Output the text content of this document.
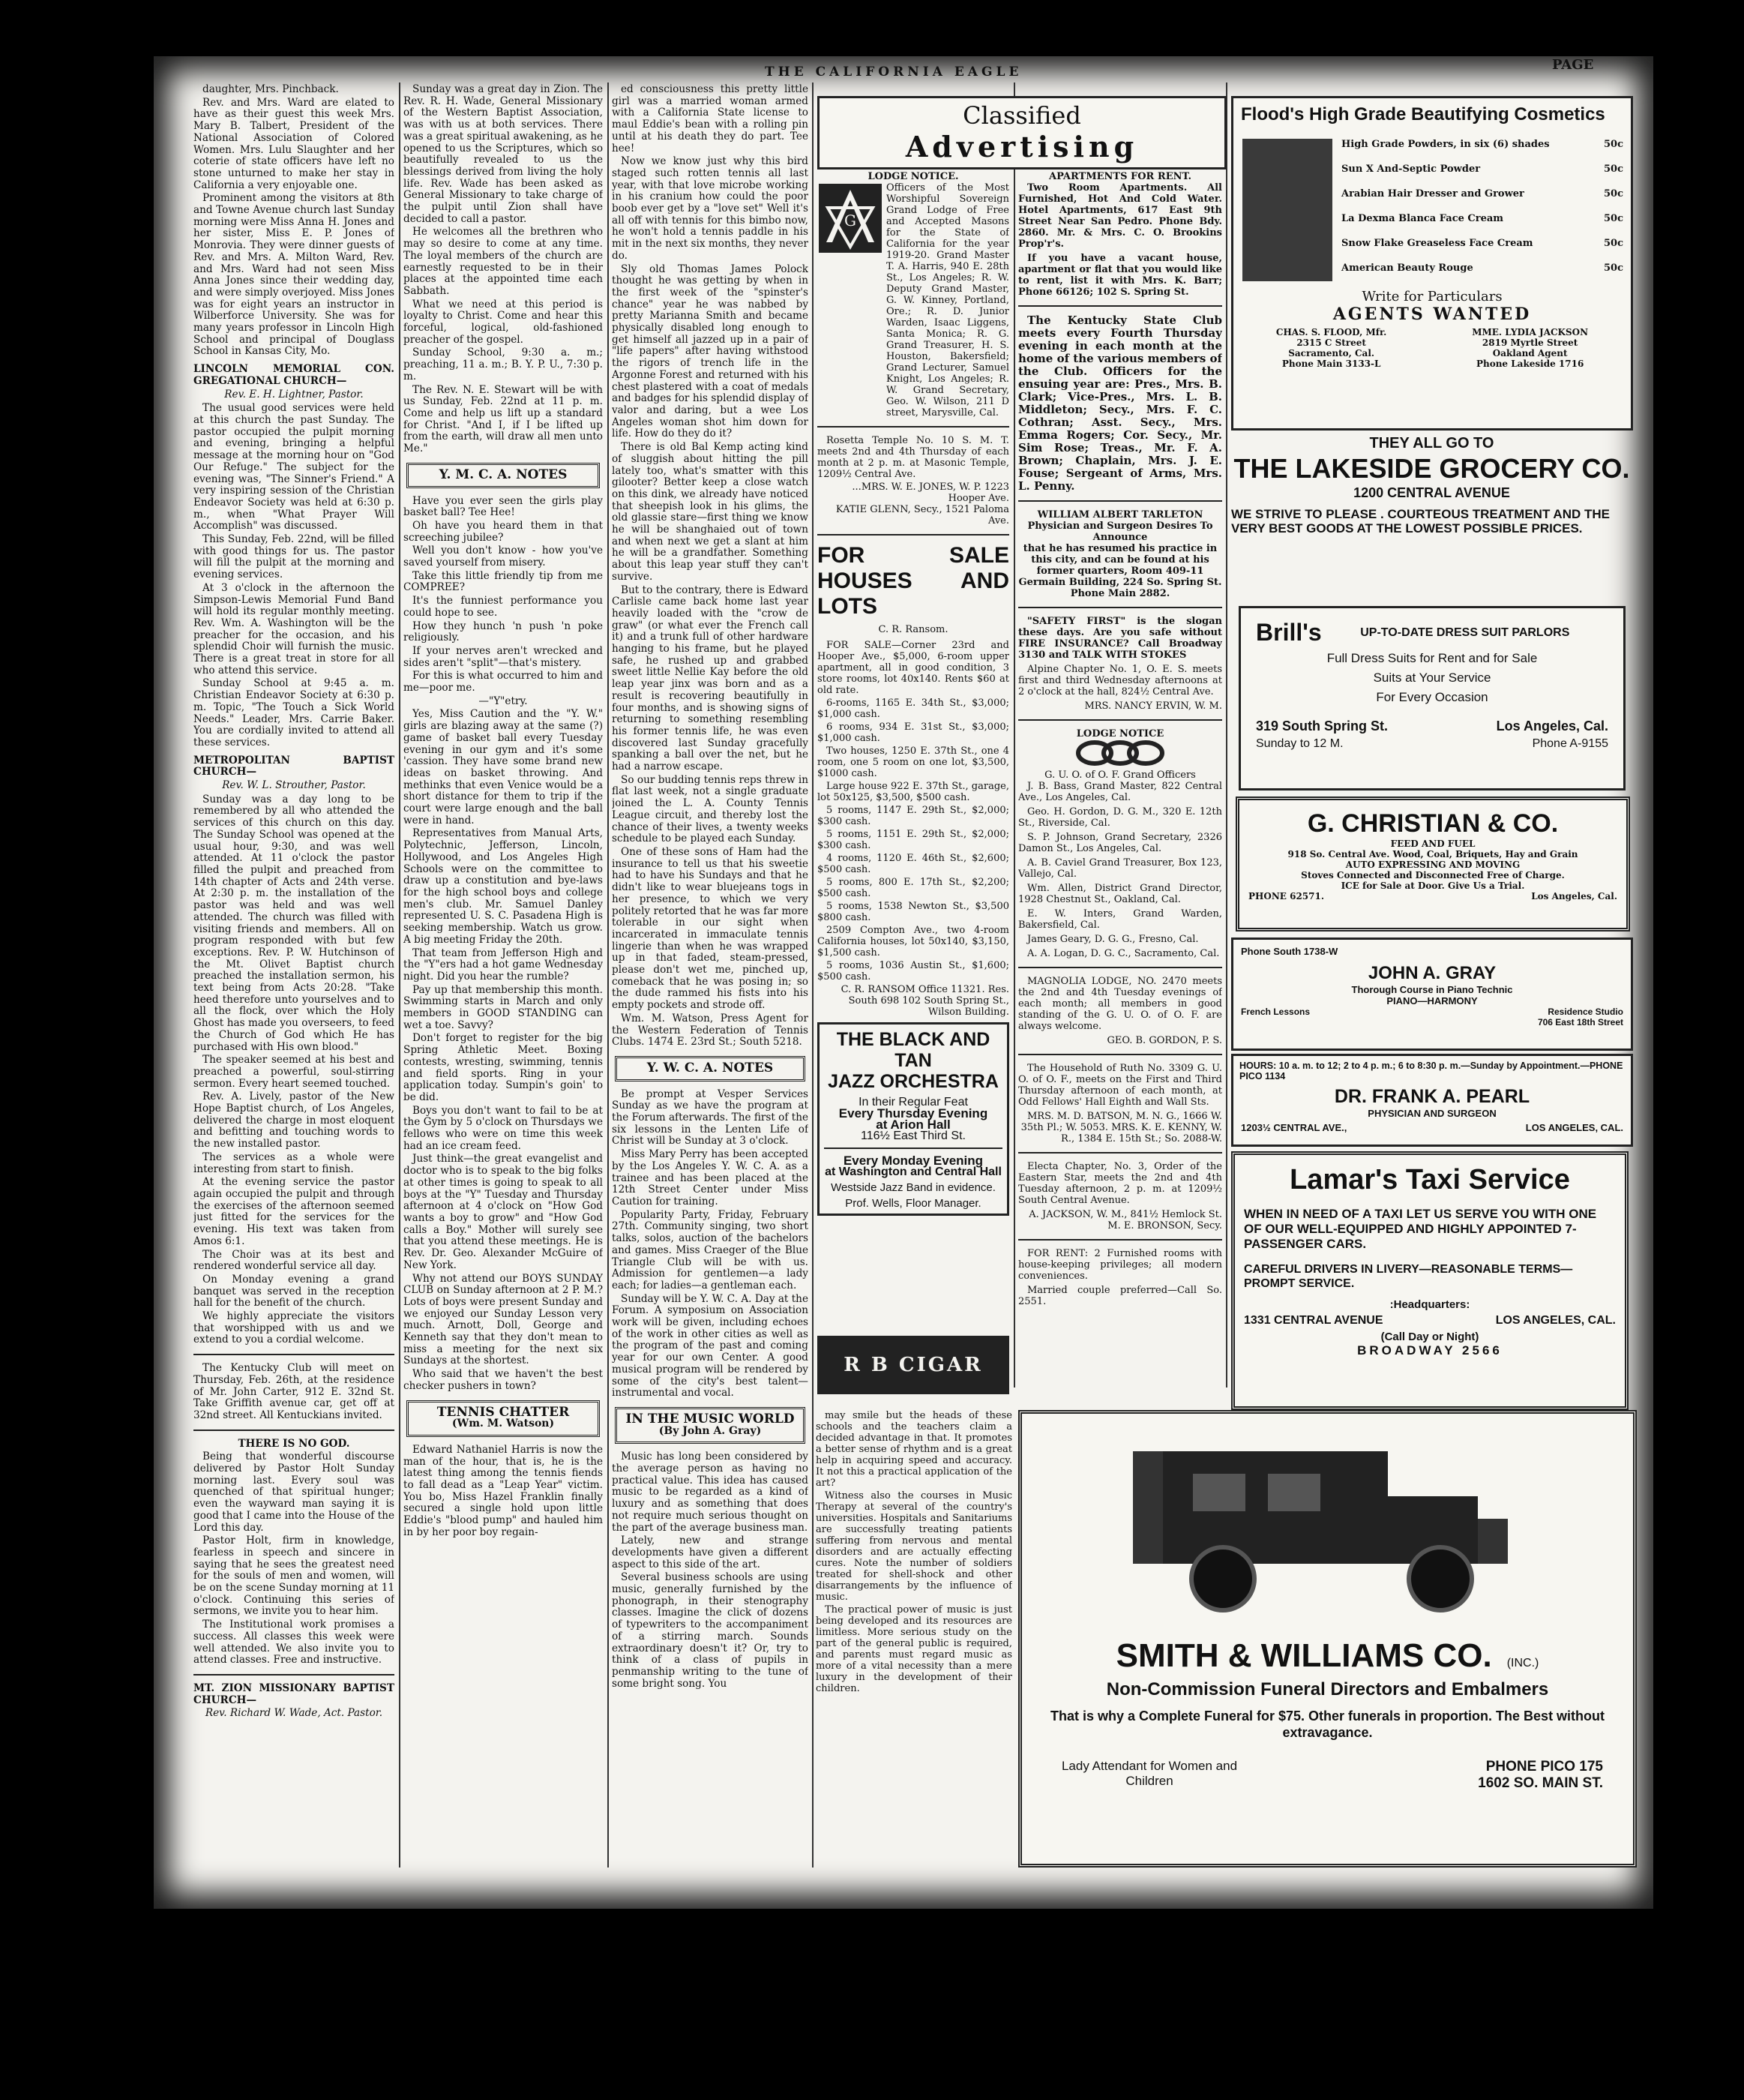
THE CALIFORNIA EAGLE	PAGE

daughter, Mrs. Pinchback.

Rev. and Mrs. Ward are elated to have as their guest this week Mrs. Mary B. Talbert, President of the National Association of Colored Women. Mrs. Lulu Slaughter and her coterie of state officers have left no stone unturned to make her stay in California a very enjoyable one.

Prominent among the visitors at 8th and Towne Avenue church last Sunday morning were Miss Anna H. Jones and her sister, Miss E. P. Jones of Monrovia. They were dinner guests of Rev. and Mrs. A. Milton Ward, Rev. and Mrs. Ward had not seen Miss Anna Jones since their wedding day, and were simply overjoyed. Miss Jones was for eight years an instructor in Wilberforce University. She was for many years professor in Lincoln High School and principal of Douglass School in Kansas City, Mo.

LINCOLN MEMORIAL CON. GREGATIONAL CHURCH—
Rev. E. H. Lightner, Pastor.

The usual good services were held at this church the past Sunday. The pastor occupied the pulpit morning and evening, bringing a helpful message at the morning hour on "God Our Refuge." The subject for the evening was, "The Sinner's Friend." A very inspiring session of the Christian Endeavor Society was held at 6:30 p. m., when "What Prayer Will Accomplish" was discussed.

This Sunday, Feb. 22nd, will be filled with good things for us. The pastor will fill the pulpit at the morning and evening services.

At 3 o'clock in the afternoon the Simpson-Lewis Memorial Fund Band will hold its regular monthly meeting. Rev. Wm. A. Washington will be the preacher for the occasion, and his splendid Choir will furnish the music. There is a great treat in store for all who attend this service.

Sunday School at 9:45 a. m. Christian Endeavor Society at 6:30 p. m. Topic, "The Touch a Sick World Needs." Leader, Mrs. Carrie Baker. You are cordially invited to attend all these services.

METROPOLITAN BAPTIST CHURCH—
Rev. W. L. Strouther, Pastor.

Sunday was a day long to be remembered by all who attended the services of this church on this day. The Sunday School was opened at the usual hour, 9:30, and was well attended. At 11 o'clock the pastor filled the pulpit and preached from 14th chapter of Acts and 24th verse. At 2:30 p. m. the installation of the pastor was held and was well attended. The church was filled with visiting friends and members. All on program responded with but few exceptions. Rev. P. W. Hutchinson of the Mt. Olivet Baptist church preached the installation sermon, his text being from Acts 20:28. "Take heed therefore unto yourselves and to all the flock, over which the Holy Ghost has made you overseers, to feed the Church of God which He has purchased with His own blood."

The speaker seemed at his best and preached a powerful, soul-stirring sermon. Every heart seemed touched.

Rev. A. Lively, pastor of the New Hope Baptist church, of Los Angeles, delivered the charge in most eloquent and befitting and touching words to the new installed pastor.

The services as a whole were interesting from start to finish.

At the evening service the pastor again occupied the pulpit and through the exercises of the afternoon seemed just fitted for the services for the evening. His text was taken from Amos 6:1.

The Choir was at its best and rendered wonderful service all day.

On Monday evening a grand banquet was served in the reception hall for the benefit of the church.

We highly appreciate the visitors that worshipped with us and we extend to you a cordial welcome.

The Kentucky Club will meet on Thursday, Feb. 26th, at the residence of Mr. John Carter, 912 E. 32nd St. Take Griffith avenue car, get off at 32nd street. All Kentuckians invited.

THERE IS NO GOD.

Being that wonderful discourse delivered by Pastor Holt Sunday morning last. Every soul was quenched of that spiritual hunger; even the wayward man saying it is good that I came into the House of the Lord this day.

Pastor Holt, firm in knowledge, fearless in speech and sincere in saying that he sees the greatest need for the souls of men and women, will be on the scene Sunday morning at 11 o'clock. Continuing this series of sermons, we invite you to hear him.

The Institutional work promises a success. All classes this week were well attended. We also invite you to attend classes. Free and instructive.

MT. ZION MISSIONARY BAPTIST CHURCH—
Rev. Richard W. Wade, Act. Pastor.

Sunday was a great day in Zion. The Rev. R. H. Wade, General Missionary of the Western Baptist Association, was with us at both services. There was a great spiritual awakening, as he opened to us the Scriptures, which so beautifully revealed to us the blessings derived from living the holy life. Rev. Wade has been asked as General Missionary to take charge of the pulpit until Zion shall have decided to call a pastor.

He welcomes all the brethren who may so desire to come at any time. The loyal members of the church are earnestly requested to be in their places at the appointed time each Sabbath.

What we need at this period is loyalty to Christ. Come and hear this forceful, logical, old-fashioned preacher of the gospel.

Sunday School, 9:30 a. m.; preaching, 11 a. m.; B. Y. P. U., 7:30 p. m.

The Rev. N. E. Stewart will be with us Sunday, Feb. 22nd at 11 p. m. Come and help us lift up a standard for Christ. "And I, if I be lifted up from the earth, will draw all men unto Me."

Y. M. C. A. NOTES

Have you ever seen the girls play basket ball? Tee Hee!

Oh have you heard them in that screeching jubilee?

Well you don't know - how you've saved yourself from misery.

Take this little friendly tip from me COMPREE?

It's the funniest performance you could hope to see.

How they hunch 'n push 'n poke religiously.

If your nerves aren't wrecked and sides aren't "split"—that's mistery.

For this is what occurred to him and me—poor me.

—"Y"etry.

Yes, Miss Caution and the "Y. W." girls are blazing away at the same (?) game of basket ball every Tuesday evening in our gym and it's some 'cassion. They have some brand new ideas on basket throwing. And methinks that even Venice would be a short distance for them to trip if the court were large enough and the ball were in hand.

Representatives from Manual Arts, Polytechnic, Jefferson, Lincoln, Hollywood, and Los Angeles High Schools were on the committee to draw up a constitution and bye-laws for the high school boys and college men's club. Mr. Samuel Danley represented U. S. C. Pasadena High is seeking membership. Watch us grow. A big meeting Friday the 20th.

That team from Jefferson High and the "Y"ers had a hot game Wednesday night. Did you hear the rumble?

Pay up that membership this month. Swimming starts in March and only members in GOOD STANDING can wet a toe. Savvy?

Don't forget to register for the big Spring Athletic Meet. Boxing contests, wresting, swimming, tennis and field sports. Ring in your application today. Sumpin's goin' to be did.

Boys you don't want to fail to be at the Gym by 5 o'clock on Thursdays we fellows who were on time this week had an ice cream feed.

Just think—the great evangelist and doctor who is to speak to the big folks at other times is going to speak to all boys at the "Y" Tuesday and Thursday afternoon at 4 o'clock on "How God wants a boy to grow" and "How God calls a Boy." Mother will surely see that you attend these meetings. He is Rev. Dr. Geo. Alexander McGuire of New York.

Why not attend our BOYS SUNDAY CLUB on Sunday afternoon at 2 P. M.? Lots of boys were present Sunday and we enjoyed our Sunday Lesson very much. Arnott, Doll, George and Kenneth say that they don't mean to miss a meeting for the next six Sundays at the shortest.

Who said that we haven't the best checker pushers in town?

TENNIS CHATTER
(Wm. M. Watson)

Edward Nathaniel Harris is now the man of the hour, that is, he is the latest thing among the tennis fiends to fall dead as a "Leap Year" victim. You bo, Miss Hazel Franklin finally secured a single hold upon little Eddie's "blood pump" and hauled him in by her poor boy regain-

ed consciousness this pretty little girl was a married woman armed with a California State license to maul Eddie's bean with a rolling pin until at his death they do part. Tee hee!

Now we know just why this bird staged such rotten tennis all last year, with that love microbe working in his cranium how could the poor boob ever get by a "love set" Well it's all off with tennis for this bimbo now, he won't hold a tennis paddle in his mit in the next six months, they never do.

Sly old Thomas James Polock thought he was getting by when in the first week of the "spinster's chance" year he was nabbed by pretty Marianna Smith and became physically disabled long enough to get himself all jazzed up in a pair of "life papers" after having withstood the rigors of trench life in the Argonne Forest and returned with his chest plastered with a coat of medals and badges for his splendid display of valor and daring, but a wee Los Angeles woman shot him down for life. How do they do it?

There is old Bal Kemp acting kind of sluggish about hitting the pill lately too, what's smatter with this gilooter? Better keep a close watch on this dink, we already have noticed that sheepish look in his glims, the old glassie stare—first thing we know he will be shanghaied out of town and when next we get a slant at him he will be a grandfather. Something about this leap year stuff they can't survive.

But to the contrary, there is Edward Carlisle came back home last year heavily loaded with the "crow de graw" (or what ever the French call it) and a trunk full of other hardware hanging to his frame, but he played safe, he rushed up and grabbed sweet little Nellie Kay before the old leap year jinx was born and as a result is recovering beautifully in four months, and is showing signs of returning to something resembling his former tennis life, he was even discovered last Sunday gracefully spanking a ball over the net, but he had a narrow escape.

So our budding tennis reps threw in flat last week, not a single graduate joined the L. A. County Tennis League circuit, and thereby lost the chance of their lives, a twenty weeks schedule to be played each Sunday.

One of these sons of Ham had the insurance to tell us that his sweetie had to have his Sundays and that he didn't like to wear bluejeans togs in her presence, to which we very politely retorted that he was far more tolerable in our sight when incarcerated in immaculate tennis lingerie than when he was wrapped up in that faded, steam-pressed, please don't wet me, pinched up, comeback that he was posing in; so the dude rammed his fists into his empty pockets and strode off.

Wm. M. Watson, Press Agent for the Western Federation of Tennis Clubs. 1474 E. 23rd St.; South 5218.

Y. W. C. A. NOTES

Be prompt at Vesper Services Sunday as we have the program at the Forum afterwards. The first of the six lessons in the Lenten Life of Christ will be Sunday at 3 o'clock.

Miss Mary Perry has been accepted by the Los Angeles Y. W. C. A. as a trainee and has been placed at the 12th Street Center under Miss Caution for training.

Popularity Party, Friday, February 27th. Community singing, two short talks, solos, auction of the bachelors and games. Miss Craeger of the Blue Triangle Club will be with us. Admission for gentlemen—a lady each; for ladies—a gentleman each.

Sunday will be Y. W. C. A. Day at the Forum. A symposium on Association work will be given, including echoes of the work in other cities as well as the program of the past and coming year for our own Center. A good musical program will be rendered by some of the city's best talent—instrumental and vocal.

IN THE MUSIC WORLD
(By John A. Gray)

Music has long been considered by the average person as having no practical value. This idea has caused music to be regarded as a kind of luxury and as something that does not require much serious thought on the part of the average business man.

Lately, new and strange developments have given a different aspect to this side of the art.

Several business schools are using music, generally furnished by the phonograph, in their stenography classes. Imagine the click of dozens of typewriters to the accompaniment of a stirring march. Sounds extraordinary doesn't it? Or, try to think of a class of pupils in penmanship writing to the tune of some bright song. You

Classified
Advertising
LODGE NOTICE.
G
Officers of the Most Worshipful Sovereign Grand Lodge of Free and Accepted Masons for the State of California for the year 1919-20. Grand Master T. A. Harris, 940 E. 28th St., Los Angeles; R. W. Deputy Grand Master, G. W. Kinney, Portland, Ore.; R. D. Junior Warden, Isaac Liggens, Santa Monica; R. G. Grand Treasurer, H. S. Houston, Bakersfield; Grand Lecturer, Samuel Knight, Los Angeles; R. W. Grand Secretary, Geo. W. Wilson, 211 D street, Marysville, Cal.

Rosetta Temple No. 10 S. M. T. meets 2nd and 4th Thursday of each month at 2 p. m. at Masonic Temple, 1209½ Central Ave.

...MRS. W. E. JONES, W. P. 1223 Hooper Ave.
KATIE GLENN, Secy., 1521 Paloma Ave.
FOR SALE HOUSES AND LOTS
C. R. Ransom.

FOR SALE—Corner 23rd and Hooper Ave., $5,000, 6-room upper apartment, all in good condition, 3 store rooms, lot 40x140. Rents $60 at old rate.

6-rooms, 1165 E. 34th St., $3,000; $1,000 cash.

6 rooms, 934 E. 31st St., $3,000; $1,000 cash.

Two houses, 1250 E. 37th St., one 4 room, one 5 room on one lot, $3,500, $1000 cash.

Large house 922 E. 37th St., garage, lot 50x125, $3,500, $500 cash.

5 rooms, 1147 E. 29th St., $2,000; $300 cash.

5 rooms, 1151 E. 29th St., $2,000; $300 cash.

4 rooms, 1120 E. 46th St., $2,600; $500 cash.

5 rooms, 800 E. 17th St., $2,200; $500 cash.

5 rooms, 1538 Newton St., $3,500 $800 cash.

2509 Compton Ave., two 4-room California houses, lot 50x140, $3,150, $1,500 cash.

5 rooms, 1036 Austin St., $1,600; $500 cash.

C. R. RANSOM Office 11321. Res. South 698 102 South Spring St., Wilson Building.
THE BLACK AND TAN
JAZZ ORCHESTRA
In their Regular Feat
Every Thursday Evening
at Arion Hall
116½ East Third St.
Every Monday Evening
at Washington and Central Hall
Westside Jazz Band in evidence.
Prof. Wells, Floor Manager.
R B CIGAR
APARTMENTS FOR RENT.

Two Room Apartments. All Furnished, Hot And Cold Water. Hotel Apartments, 617 East 9th Street Near San Pedro. Phone Bdy. 2860. Mr. & Mrs. C. O. Brookins Prop'r's.

If you have a vacant house, apartment or flat that you would like to rent, list it with Mrs. K. Barr; Phone 66126; 102 S. Spring St.

The Kentucky State Club meets every Fourth Thursday evening in each month at the home of the various members of the Club. Officers for the ensuing year are: Pres., Mrs. B. Clark; Vice-Pres., Mrs. L. B. Middleton; Secy., Mrs. F. C. Cothran; Asst. Secy., Mrs. Emma Rogers; Cor. Secy., Mr. Sim Rose; Treas., Mr. F. A. Brown; Chaplain, Mrs. J. E. Fouse; Sergeant of Arms, Mrs. L. Penny.

WILLIAM ALBERT TARLETON
Physician and Surgeon Desires To Announce

that he has resumed his practice in this city, and can be found at his former quarters, Room 409-11 Germain Building, 224 So. Spring St. Phone Main 2882.

"SAFETY FIRST" is the slogan these days. Are you safe without FIRE INSURANCE? Call Broadway 3130 and TALK WITH STOKES

Alpine Chapter No. 1, O. E. S. meets first and third Wednesday afternoons at 2 o'clock at the hall, 824½ Central Ave.

MRS. NANCY ERVIN, W. M.
LODGE NOTICE
G. U. O. of O. F. Grand Officers

J. B. Bass, Grand Master, 822 Central Ave., Los Angeles, Cal.

Geo. H. Gordon, D. G. M., 320 E. 12th St., Riverside, Cal.

S. P. Johnson, Grand Secretary, 2326 Damon St., Los Angeles, Cal.

A. B. Caviel Grand Treasurer, Box 123, Vallejo, Cal.

Wm. Allen, District Grand Director, 1928 Chestnut St., Oakland, Cal.

E. W. Inters, Grand Warden, Bakersfield, Cal.

James Geary, D. G. G., Fresno, Cal.

A. A. Logan, D. G. C., Sacramento, Cal.

MAGNOLIA LODGE, NO. 2470 meets the 2nd and 4th Tuesday evenings of each month; all members in good standing of the G. U. O. of O. F. are always welcome.

GEO. B. GORDON, P. S.

The Household of Ruth No. 3309 G. U. O. of O. F., meets on the First and Third Thursday afternoon of each month, at Odd Fellows' Hall Eighth and Wall Sts.

MRS. M. D. BATSON, M. N. G., 1666 W. 35th Pl.; W. 5053. MRS. K. E. KENNY, W. R., 1384 E. 15th St.; So. 2088-W.

Electa Chapter, No. 3, Order of the Eastern Star, meets the 2nd and 4th Tuesday afternoon, 2 p. m. at 1209½ South Central Avenue.

A. JACKSON, W. M., 841½ Hemlock St. M. E. BRONSON, Secy.

FOR RENT: 2 Furnished rooms with house-keeping privileges; all modern conveniences.

Married couple preferred—Call So. 2551.

Flood's High Grade Beautifying Cosmetics
High Grade Powders, in six (6) shades	50c
Sun X And-Septic Powder	50c
Arabian Hair Dresser and Grower	50c
La Dexma Blanca Face Cream	50c
Snow Flake Greaseless Face Cream	50c
American Beauty Rouge	50c
Write for Particulars
AGENTS WANTED
CHAS. S. FLOOD, Mfr.
2315 C Street
Sacramento, Cal.
Phone Main 3133-L
MME. LYDIA JACKSON
2819 Myrtle Street
Oakland Agent
Phone Lakeside 1716
THEY ALL GO TO
THE LAKESIDE GROCERY CO.
1200 CENTRAL AVENUE
WE STRIVE TO PLEASE . COURTEOUS TREATMENT AND THE VERY BEST GOODS AT THE LOWEST POSSIBLE PRICES.
Brill's	UP-TO-DATE DRESS SUIT PARLORS
Full Dress Suits for Rent and for Sale
Suits at Your Service
For Every Occasion
319 South Spring St.	Los Angeles, Cal.
Sunday to 12 M.	Phone A-9155
G. CHRISTIAN & CO.
FEED AND FUEL
918 So. Central Ave. Wood, Coal, Briquets, Hay and Grain
AUTO EXPRESSING AND MOVING
Stoves Connected and Disconnected Free of Charge.
ICE for Sale at Door. Give Us a Trial.
PHONE 62571.	Los Angeles, Cal.
Phone South 1738-W
JOHN A. GRAY
Thorough Course in Piano Technic
PIANO—HARMONY
French Lessons	Residence Studio
706 East 18th Street
HOURS: 10 a. m. to 12; 2 to 4 p. m.; 6 to 8:30 p. m.—Sunday by Appointment.—PHONE PICO 1134
DR. FRANK A. PEARL
PHYSICIAN AND SURGEON
1203½ CENTRAL AVE.,	LOS ANGELES, CAL.
Lamar's Taxi Service
WHEN IN NEED OF A TAXI LET US SERVE YOU WITH ONE OF OUR WELL-EQUIPPED AND HIGHLY APPOINTED 7-PASSENGER CARS.
CAREFUL DRIVERS IN LIVERY—REASONABLE TERMS—PROMPT SERVICE.
:Headquarters:
1331 CENTRAL AVENUE	LOS ANGELES, CAL.
(Call Day or Night)
BROADWAY 2566
SMITH & WILLIAMS CO. (INC.)
Non-Commission Funeral Directors and Embalmers
That is why a Complete Funeral for $75. Other funerals in proportion. The Best without extravagance.
Lady Attendant for Women and Children
PHONE PICO 175
1602 SO. MAIN ST.

may smile but the heads of these schools and the teachers claim a decided advantage in that. It promotes a better sense of rhythm and is a great help in acquiring speed and accuracy. It not this a practical application of the art?

Witness also the courses in Music Therapy at several of the country's universities. Hospitals and Sanitariums are successfully treating patients suffering from nervous and mental disorders and are actually effecting cures. Note the number of soldiers treated for shell-shock and other disarrangements by the influence of music.

The practical power of music is just being developed and its resources are limitless. More serious study on the part of the general public is required, and parents must regard music as more of a vital necessity than a mere luxury in the development of their children.
